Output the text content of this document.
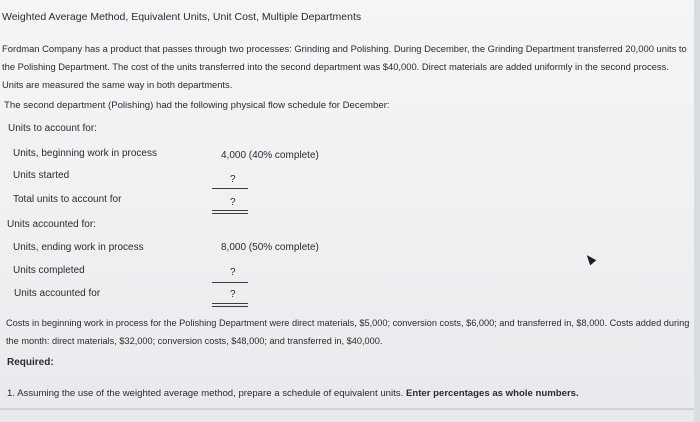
Weighted Average Method, Equivalent Units, Unit Cost, Multiple Departments
Fordman Company has a product that passes through two processes: Grinding and Polishing. During December, the Grinding Department transferred 20,000 units to the Polishing Department. The cost of the units transferred into the second department was $40,000. Direct materials are added uniformly in the second process. Units are measured the same way in both departments.
The second department (Polishing) had the following physical flow schedule for December:
Units to account for:
Units, beginning work in process	4,000 (40% complete)
Units started	?
Total units to account for	?
Units accounted for:
Units, ending work in process	8,000 (50% complete)
Units completed	?
Units accounted for	?
Costs in beginning work in process for the Polishing Department were direct materials, $5,000; conversion costs, $6,000; and transferred in, $8,000. Costs added during the month: direct materials, $32,000; conversion costs, $48,000; and transferred in, $40,000.
Required:
1. Assuming the use of the weighted average method, prepare a schedule of equivalent units. Enter percentages as whole numbers.
